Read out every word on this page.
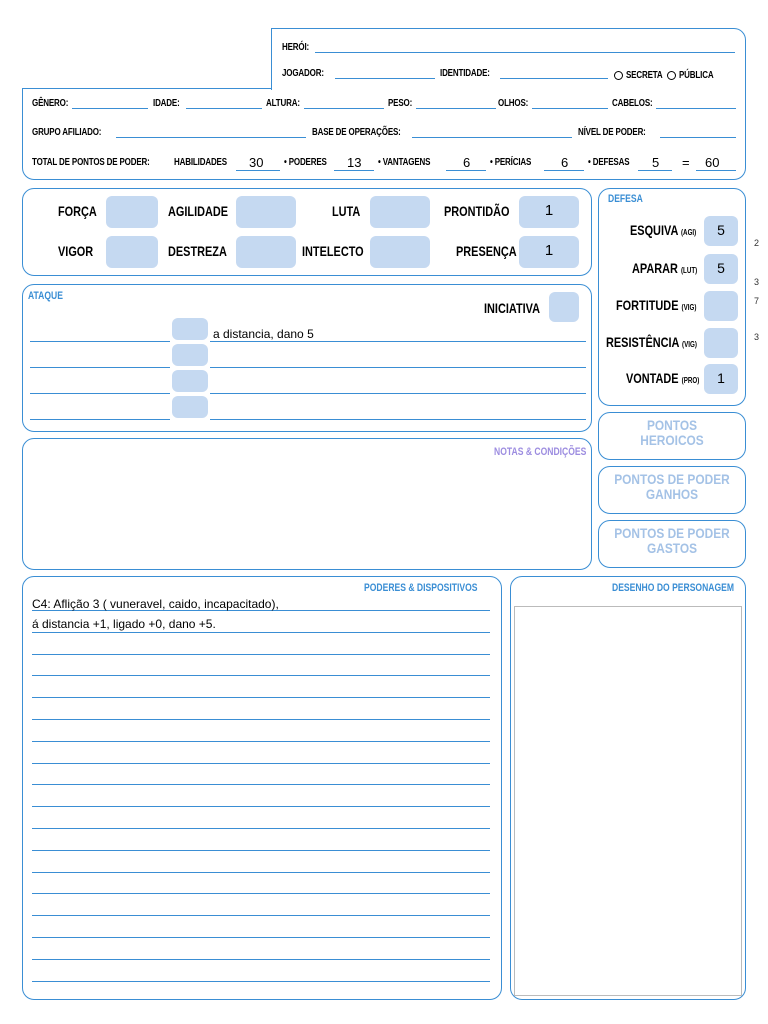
HERÓI:
JOGADOR:	IDENTIDADE:	SECRETA PÚBLICA
GÊNERO:	IDADE:	ALTURA:	PESO:	OLHOS:	CABELOS:
GRUPO AFILIADO:	BASE DE OPERAÇÕES:	NÍVEL DE PODER:
TOTAL DE PONTOS DE PODER: HABILIDADES 30 • PODERES 13 • VANTAGENS	6 • PERÍCIAS 6 • DEFESAS 5 = 60
FORÇA	AGILIDADE	LUTA	PRONTIDÃO	1
VIGOR	DESTREZA	INTELECTO	PRESENÇA	1
DEFESA
ESQUIVA (AGI)	5
APARAR (LUT)	5
FORTITUDE (VIG)
RESISTÊNCIA (VIG)
VONTADE (PRO)	1
2
3
7
3
ATAQUE
INICIATIVA
a distancia, dano 5
NOTAS & CONDIÇÕES
PONTOS
HEROICOS
PONTOS DE PODER
GANHOS
PONTOS DE PODER
GASTOS
PODERES & DISPOSITIVOS
C4: Aflição 3 ( vuneravel, caido, incapacitado),
á distancia +1, ligado +0, dano +5.
DESENHO DO PERSONAGEM
